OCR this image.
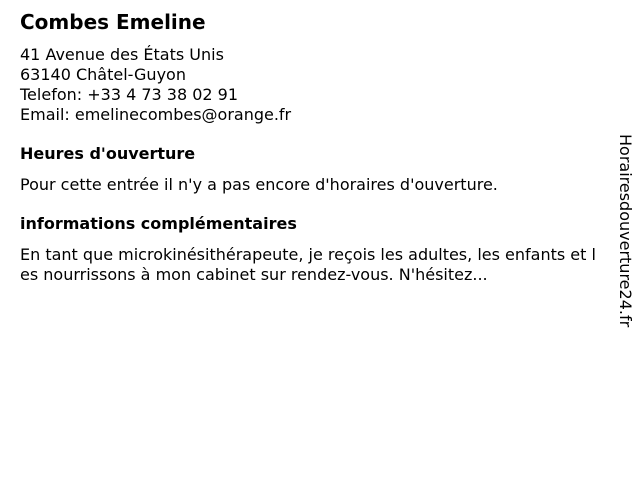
Combes Emeline
41 Avenue des États Unis
63140 Châtel-Guyon
Telefon: +33 4 73 38 02 91
Email: emelinecombes@orange.fr
Heures d'ouverture
Pour cette entrée il n'y a pas encore d'horaires d'ouverture.
informations complémentaires
En tant que microkinésithérapeute, je reçois les adultes, les enfants et les nourrissons à mon cabinet sur rendez-vous. N'hésitez...	Horairesdouverture24.fr
